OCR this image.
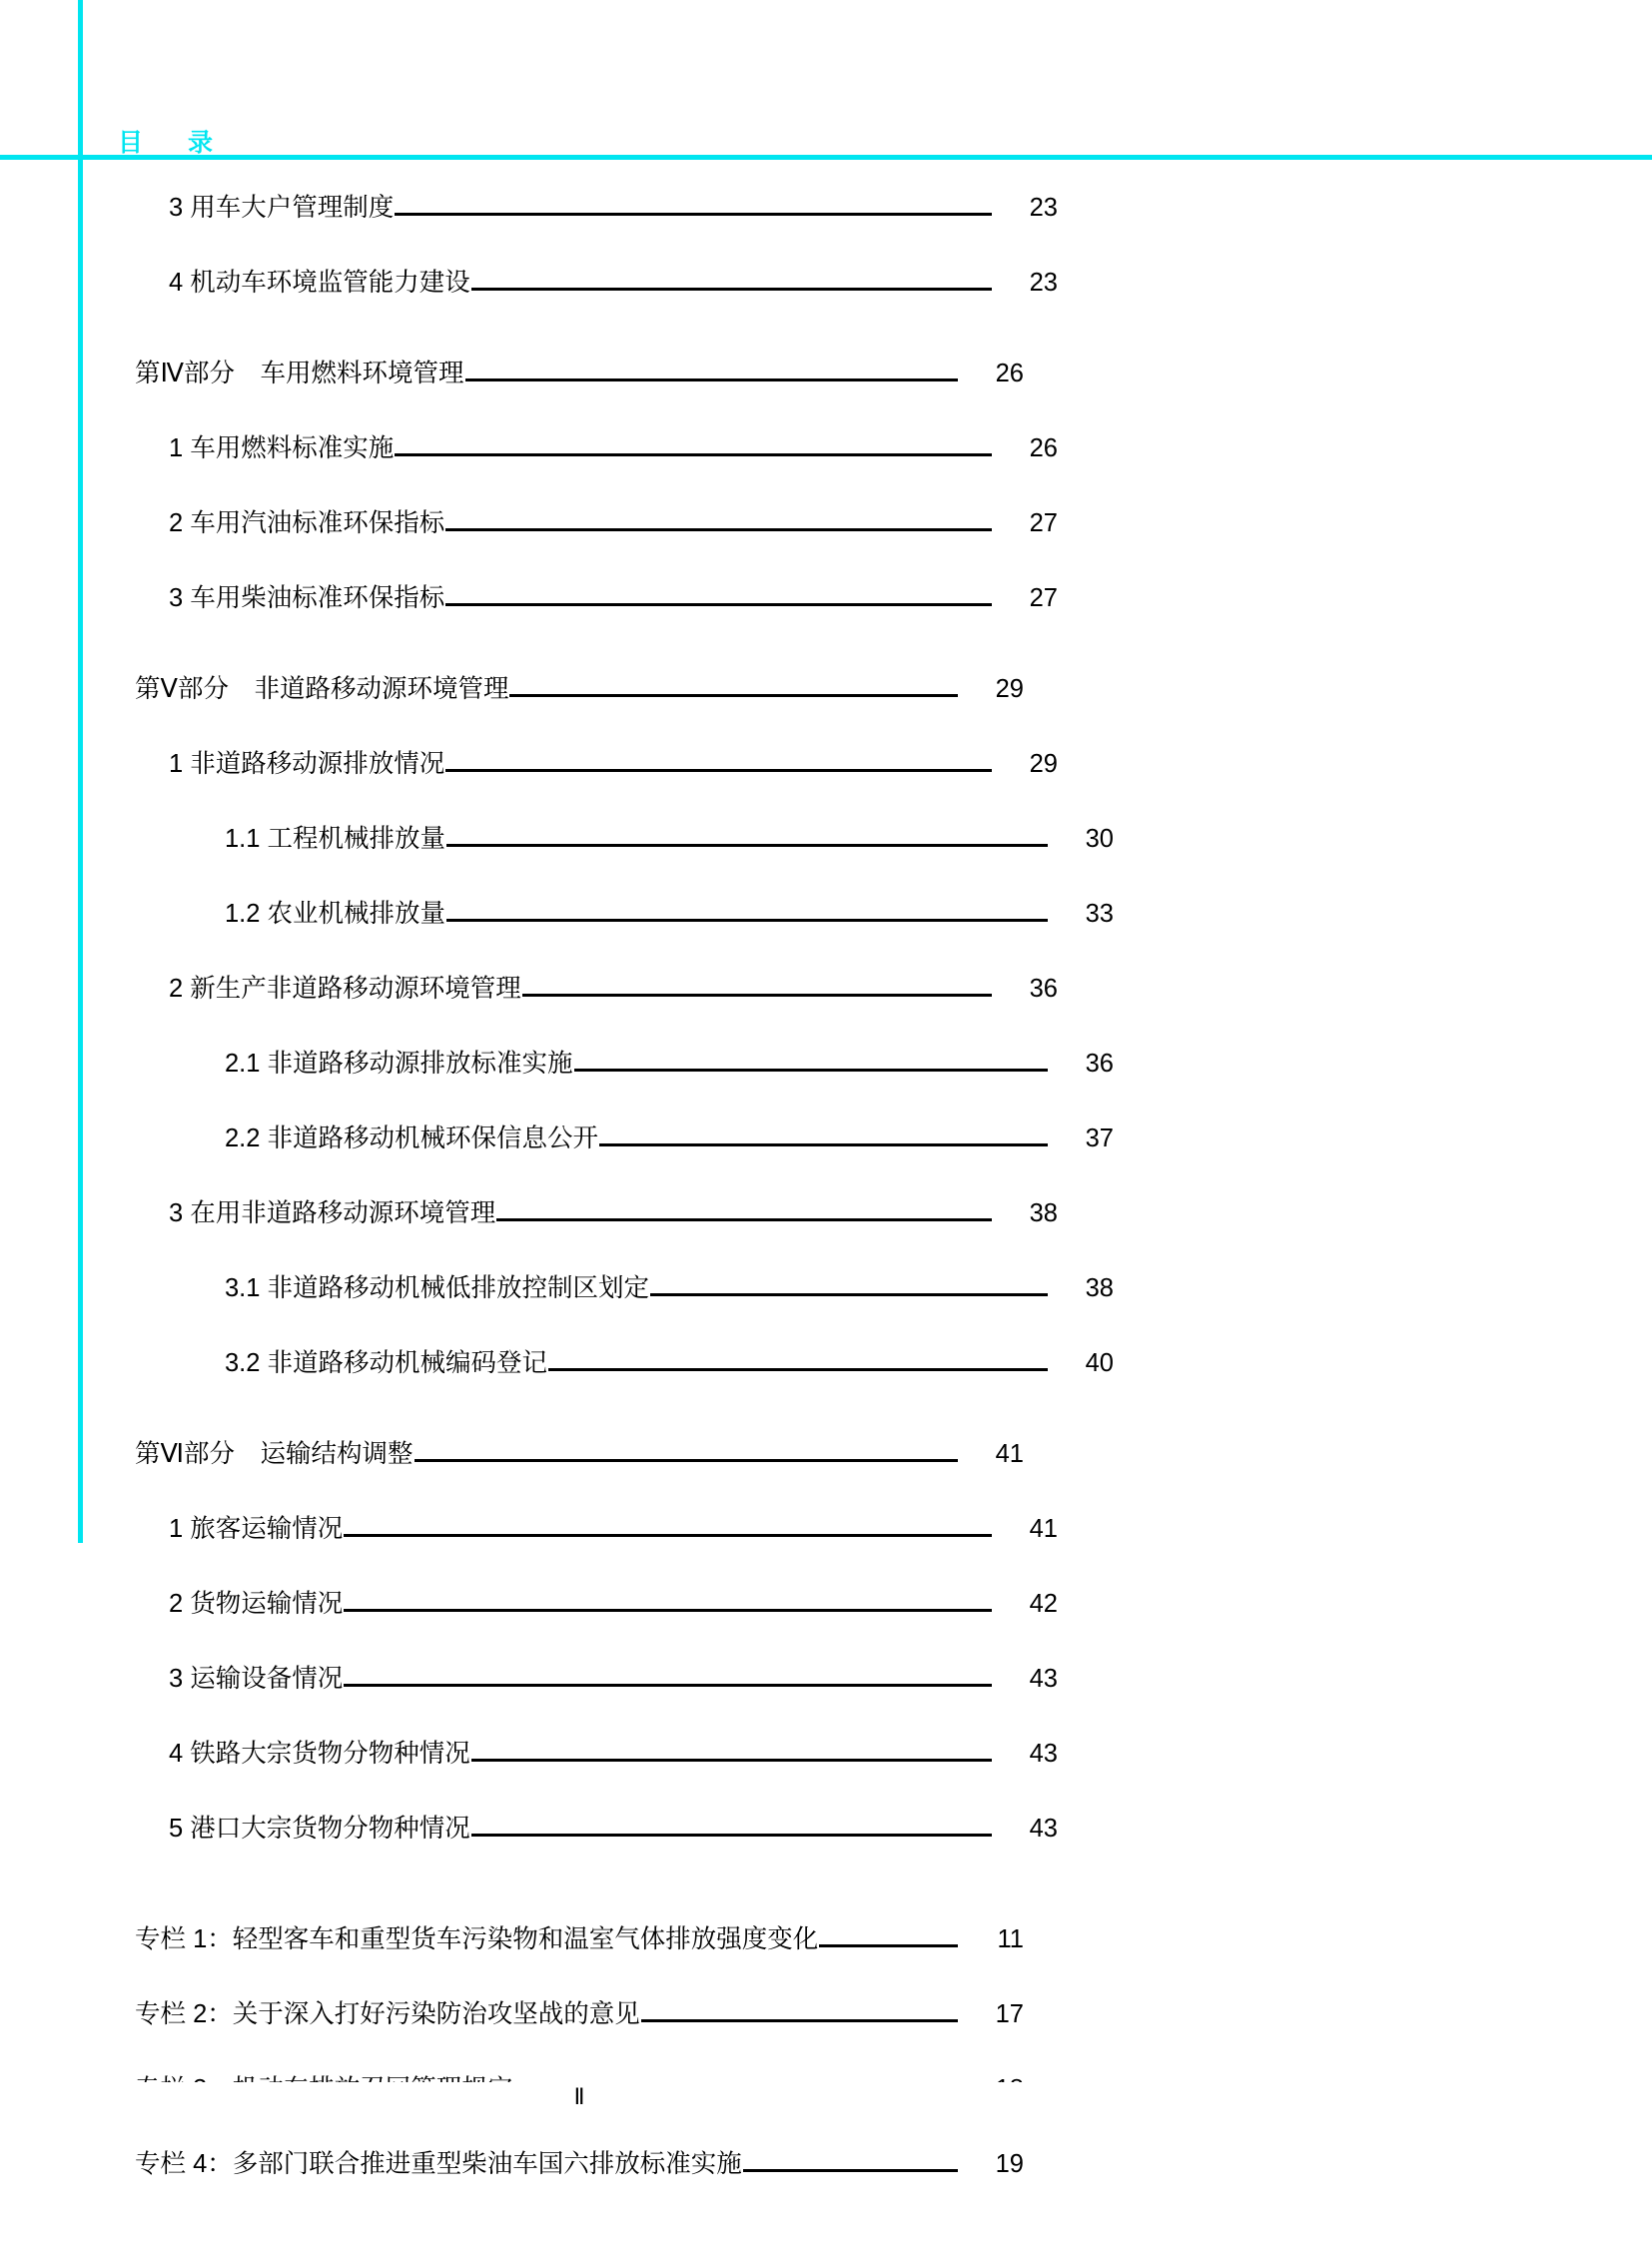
目　录
3 用车大户管理制度	23
4 机动车环境监管能力建设	23
第Ⅳ部分　车用燃料环境管理	26
1 车用燃料标准实施	26
2 车用汽油标准环保指标	27
3 车用柴油标准环保指标	27
第Ⅴ部分　非道路移动源环境管理	29
1 非道路移动源排放情况	29
1.1 工程机械排放量	30
1.2 农业机械排放量	33
2 新生产非道路移动源环境管理	36
2.1 非道路移动源排放标准实施	36
2.2 非道路移动机械环保信息公开	37
3 在用非道路移动源环境管理	38
3.1 非道路移动机械低排放控制区划定	38
3.2 非道路移动机械编码登记	40
第Ⅵ部分　运输结构调整	41
1 旅客运输情况	41
2 货物运输情况	42
3 运输设备情况	43
4 铁路大宗货物分物种情况	43
5 港口大宗货物分物种情况	43
专栏 1：轻型客车和重型货车污染物和温室气体排放强度变化	11
专栏 2：关于深入打好污染防治攻坚战的意见	17
专栏 4：多部门联合推进重型柴油车国六排放标准实施	19
Ⅱ
